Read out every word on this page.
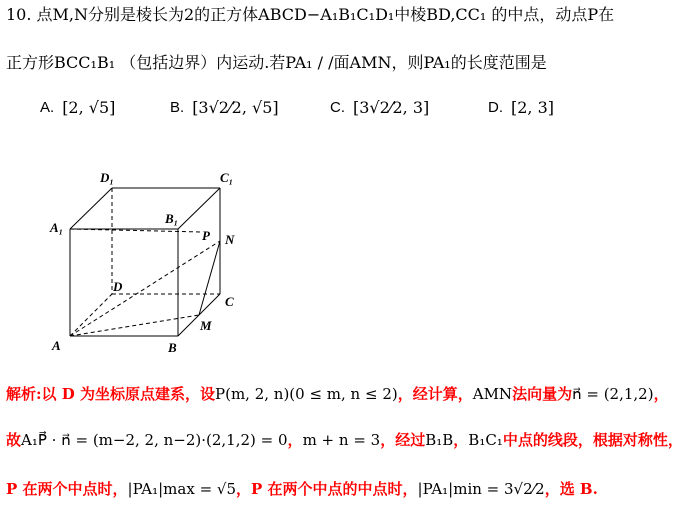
10. 点M,N分别是棱长为2的正方体ABCD−A₁B₁C₁D₁中棱BD,CC₁ 的中点，动点P在
正方形BCC₁B₁ （包括边界）内运动.若PA₁ / /面AMN，则PA₁的长度范围是
A. [2, √5]	B. [3√2⁄2, √5]	C. [3√2⁄2, 3]	D. [2, 3]
D₁	C₁
A₁
B₁
P N
D
C
M
A	B
解析:以 D 为坐标原点建系，设P(m, 2, n)(0 ≤ m, n ≤ 2)，经计算，AMN法向量为n⃗ = (2,1,2)，
故A₁P⃗ · n⃗ = (m−2, 2, n−2)·(2,1,2) = 0，m + n = 3，经过B₁B，B₁C₁中点的线段，根据对称性，
P 在两个中点时，|PA₁|max = √5，P 在两个中点的中点时，|PA₁|min = 3√2⁄2，选 B.
